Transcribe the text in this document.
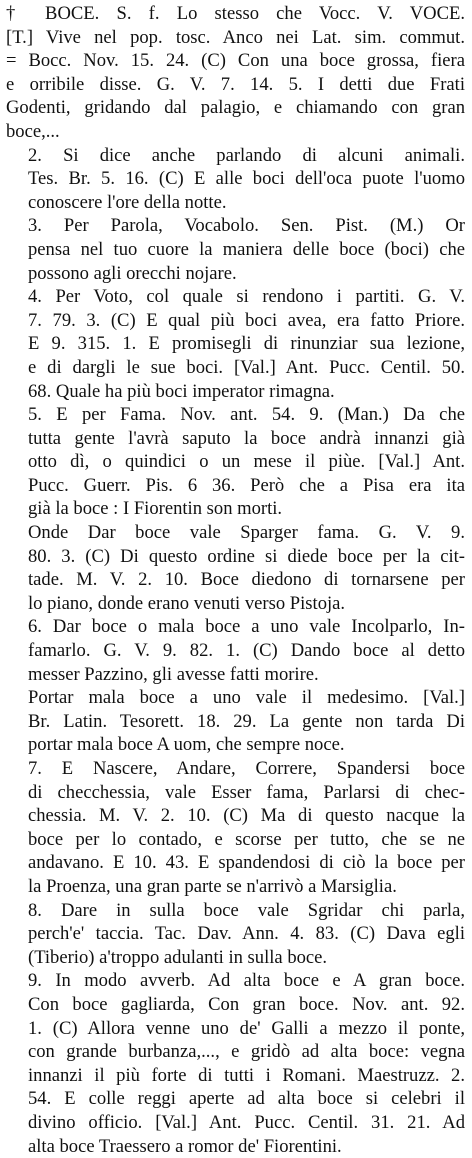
† BOCE. S. f. Lo stesso che Vocc. V. VOCE.
[T.] Vive nel pop. tosc. Anco nei Lat. sim. commut.
= Bocc. Nov. 15. 24. (C) Con una boce grossa, fiera
e orribile disse. G. V. 7. 14. 5. I detti due Frati
Godenti, gridando dal palagio, e chiamando con gran
boce,...

2. Si dice anche parlando di alcuni animali.
Tes. Br. 5. 16. (C) E alle boci dell'oca puote l'uomo
conoscere l'ore della notte.

3. Per Parola, Vocabolo. Sen. Pist. (M.) Or
pensa nel tuo cuore la maniera delle boce (boci) che
possono agli orecchi nojare.

4. Per Voto, col quale si rendono i partiti. G. V.
7. 79. 3. (C) E qual più boci avea, era fatto Priore.
E 9. 315. 1. E promisegli di rinunziar sua lezione,
e di dargli le sue boci. [Val.] Ant. Pucc. Centil. 50.
68. Quale ha più boci imperator rimagna.

5. E per Fama. Nov. ant. 54. 9. (Man.) Da che
tutta gente l'avrà saputo la boce andrà innanzi già
otto dì, o quindici o un mese il piùe. [Val.] Ant.
Pucc. Guerr. Pis. 6 36. Però che a Pisa era ita
già la boce : I Fiorentin son morti.

Onde Dar boce vale Sparger fama. G. V. 9.
80. 3. (C) Di questo ordine si diede boce per la cit-
tade. M. V. 2. 10. Boce diedono di tornarsene per
lo piano, donde erano venuti verso Pistoja.

6. Dar boce o mala boce a uno vale Incolparlo, In-
famarlo. G. V. 9. 82. 1. (C) Dando boce al detto
messer Pazzino, gli avesse fatti morire.

Portar mala boce a uno vale il medesimo. [Val.]
Br. Latin. Tesorett. 18. 29. La gente non tarda Di
portar mala boce A uom, che sempre noce.

7. E Nascere, Andare, Correre, Spandersi boce
di checchessia, vale Esser fama, Parlarsi di chec-
chessia. M. V. 2. 10. (C) Ma di questo nacque la
boce per lo contado, e scorse per tutto, che se ne
andavano. E 10. 43. E spandendosi di ciò la boce per
la Proenza, una gran parte se n'arrivò a Marsiglia.

8. Dare in sulla boce vale Sgridar chi parla,
perch'e' taccia. Tac. Dav. Ann. 4. 83. (C) Dava egli
(Tiberio) a'troppo adulanti in sulla boce.

9. In modo avverb. Ad alta boce e A gran boce.
Con boce gagliarda, Con gran boce. Nov. ant. 92.
1. (C) Allora venne uno de' Galli a mezzo il ponte,
con grande burbanza,..., e gridò ad alta boce: vegna
innanzi il più forte di tutti i Romani. Maestruzz. 2.
54. E colle reggi aperte ad alta boce si celebri il
divino officio. [Val.] Ant. Pucc. Centil. 31. 21. Ad
alta boce Traessero a romor de' Fiorentini.
